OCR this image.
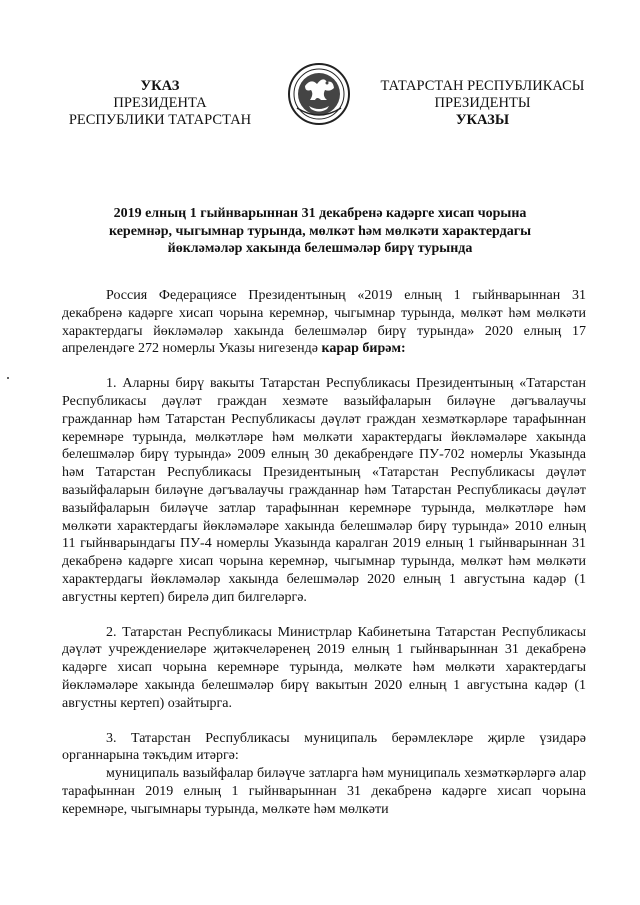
УКАЗ
ПРЕЗИДЕНТА
РЕСПУБЛИКИ ТАТАРСТАН
ТАТАРСТАН РЕСПУБЛИКАСЫ
ПРЕЗИДЕНТЫ
УКАЗЫ
2019 елның 1 гыйнварыннан 31 декабренә кадәрге хисап чорына
керемнәр, чыгымнар турында, мөлкәт һәм мөлкәти характердагы
йөкләмәләр хакында белешмәләр бирү турында

Россия Федерациясе Президентының «2019 елның 1 гыйнварыннан 31 декабренә кадәрге хисап чорына керемнәр, чыгымнар турында, мөлкәт һәм мөлкәти характердагы йөкләмәләр хакында белешмәләр бирү турында» 2020 елның 17 апрелендәге 272 номерлы Указы нигезендә карар бирәм:

1. Аларны бирү вакыты Татарстан Республикасы Президентының «Татарстан Республикасы дәүләт граждан хезмәте вазыйфаларын биләүне дәгъвалаучы гражданнар һәм Татарстан Республикасы дәүләт граждан хезмәткәрләре тарафыннан керемнәре турында, мөлкәтләре һәм мөлкәти характердагы йөкләмәләре хакында белешмәләр бирү турында» 2009 елның 30 декабрендәге ПУ-702 номерлы Указында һәм Татарстан Республикасы Президентының «Татарстан Республикасы дәүләт вазыйфаларын биләүне дәгъвалаучы гражданнар һәм Татарстан Республикасы дәүләт вазыйфаларын биләүче затлар тарафыннан керемнәре турында, мөлкәтләре һәм мөлкәти характердагы йөкләмәләре хакында белешмәләр бирү турында» 2010 елның 11 гыйнварындагы ПУ-4 номерлы Указында каралган 2019 елның 1 гыйнварыннан 31 декабренә кадәрге хисап чорына керемнәр, чыгымнар турында, мөлкәт һәм мөлкәти характердагы йөкләмәләр хакында белешмәләр 2020 елның 1 августына кадәр (1 августны кертеп) бирелә дип билгеләргә.

2. Татарстан Республикасы Министрлар Кабинетына Татарстан Республикасы дәүләт учреждениеләре җитәкчеләренең 2019 елның 1 гыйнварыннан 31 декабренә кадәрге хисап чорына керемнәре турында, мөлкәте һәм мөлкәти характердагы йөкләмәләре хакында белешмәләр бирү вакытын 2020 елның 1 августына кадәр (1 августны кертеп) озайтырга.

3. Татарстан Республикасы муниципаль берәмлекләре җирле үзидарә органнарына тәкъдим итәргә:

муниципаль вазыйфалар биләүче затларга һәм муниципаль хезмәткәрләргә алар тарафыннан 2019 елның 1 гыйнварыннан 31 декабренә кадәрге хисап чорына керемнәре, чыгымнары турында, мөлкәте һәм мөлкәти
